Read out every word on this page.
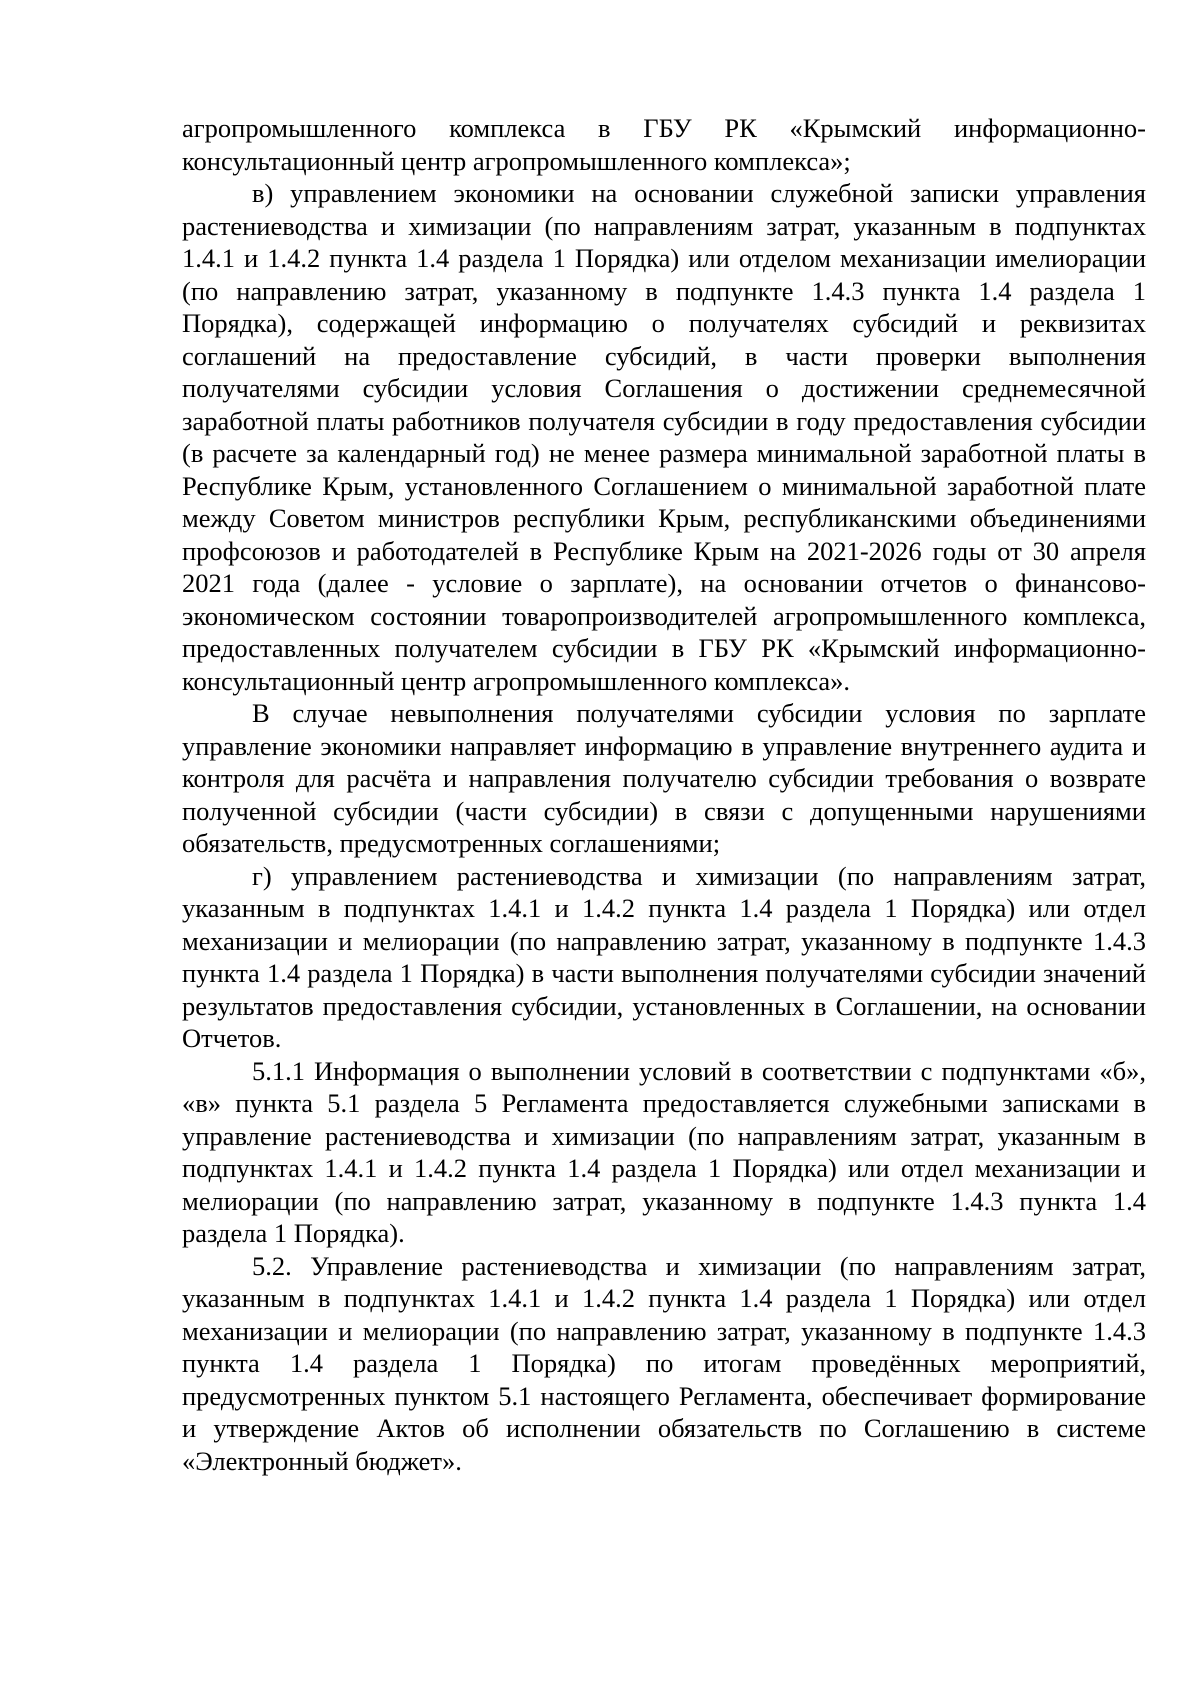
агропромышленного комплекса в ГБУ РК «Крымский информационно-консультационный центр агропромышленного комплекса»;

в) управлением экономики на основании служебной записки управления растениеводства и химизации (по направлениям затрат, указанным в подпунктах 1.4.1 и 1.4.2 пункта 1.4 раздела 1 Порядка) или отделом механизации имелиорации (по направлению затрат, указанному в подпункте 1.4.3 пункта 1.4 раздела 1 Порядка), содержащей информацию о получателях субсидий и реквизитах соглашений на предоставление субсидий, в части проверки выполнения получателями субсидии условия Соглашения о достижении среднемесячной заработной платы работников получателя субсидии в году предоставления субсидии (в расчете за календарный год) не менее размера минимальной заработной платы в Республике Крым, установленного Соглашением о минимальной заработной плате между Советом министров республики Крым, республиканскими объединениями профсоюзов и работодателей в Республике Крым на 2021-2026 годы от 30 апреля 2021 года (далее - условие о зарплате), на основании отчетов о финансово-экономическом состоянии товаропроизводителей агропромышленного комплекса, предоставленных получателем субсидии в ГБУ РК «Крымский информационно-консультационный центр агропромышленного комплекса».

В случае невыполнения получателями субсидии условия по зарплате управление экономики направляет информацию в управление внутреннего аудита и контроля для расчёта и направления получателю субсидии требования о возврате полученной субсидии (части субсидии) в связи с допущенными нарушениями обязательств, предусмотренных соглашениями;

г) управлением растениеводства и химизации (по направлениям затрат, указанным в подпунктах 1.4.1 и 1.4.2 пункта 1.4 раздела 1 Порядка) или отдел механизации и мелиорации (по направлению затрат, указанному в подпункте 1.4.3 пункта 1.4 раздела 1 Порядка) в части выполнения получателями субсидии значений результатов предоставления субсидии, установленных в Соглашении, на основании Отчетов.

5.1.1 Информация о выполнении условий в соответствии с подпунктами «б», «в» пункта 5.1 раздела 5 Регламента предоставляется служебными записками в управление растениеводства и химизации (по направлениям затрат, указанным в подпунктах 1.4.1 и 1.4.2 пункта 1.4 раздела 1 Порядка) или отдел механизации и мелиорации (по направлению затрат, указанному в подпункте 1.4.3 пункта 1.4 раздела 1 Порядка).

5.2. Управление растениеводства и химизации (по направлениям затрат, указанным в подпунктах 1.4.1 и 1.4.2 пункта 1.4 раздела 1 Порядка) или отдел механизации и мелиорации (по направлению затрат, указанному в подпункте 1.4.3 пункта 1.4 раздела 1 Порядка) по итогам проведённых мероприятий, предусмотренных пунктом 5.1 настоящего Регламента, обеспечивает формирование и утверждение Актов об исполнении обязательств по Соглашению в системе «Электронный бюджет».
